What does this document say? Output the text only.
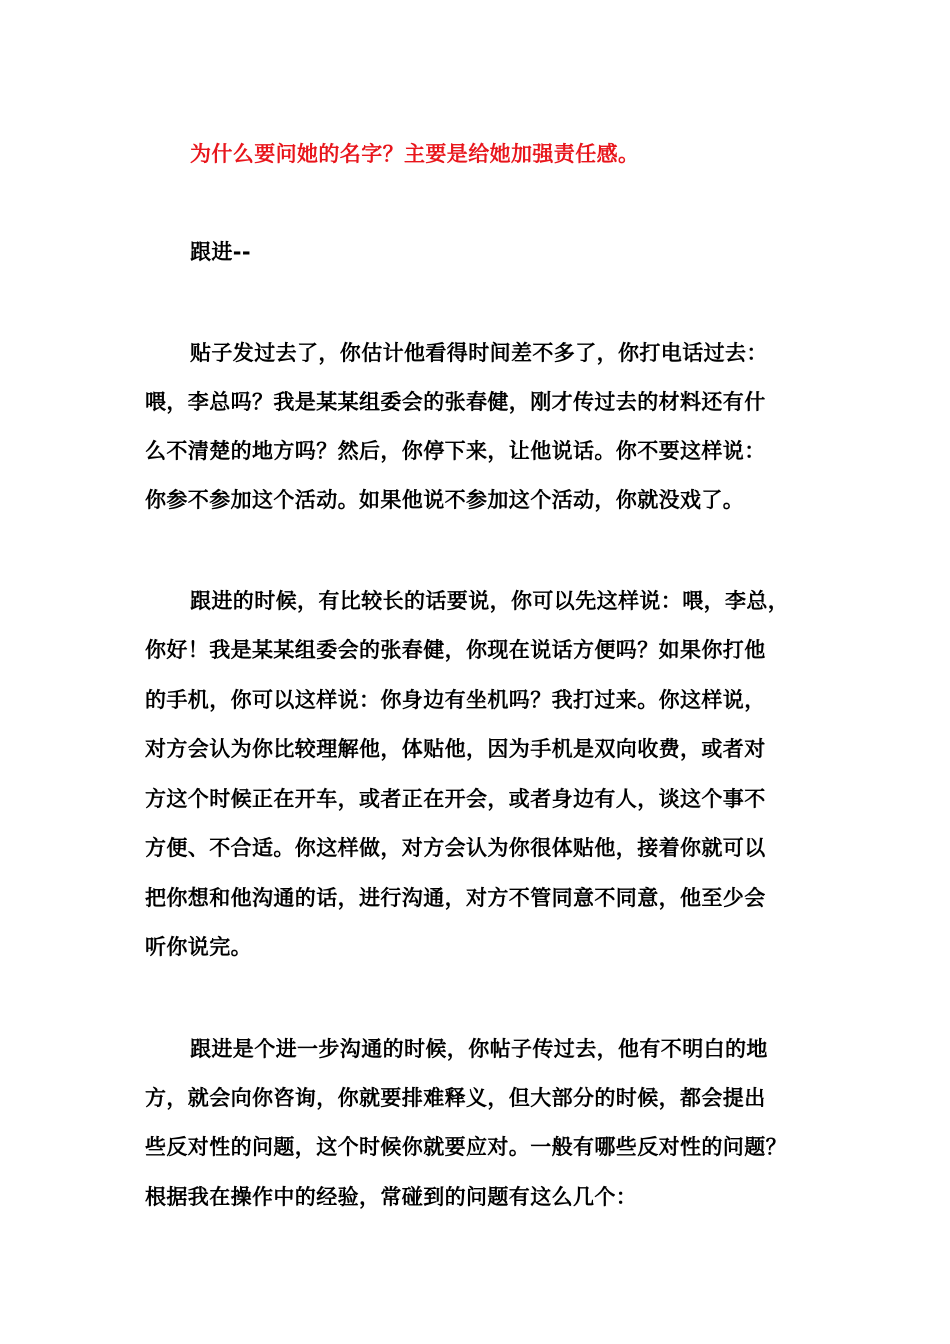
为什么要问她的名字？主要是给她加强责任感。

跟进--

贴子发过去了，你估计他看得时间差不多了，你打电话过去：

喂，李总吗？我是某某组委会的张春健，刚才传过去的材料还有什

么不清楚的地方吗？然后，你停下来，让他说话。你不要这样说：

你参不参加这个活动。如果他说不参加这个活动，你就没戏了。

跟进的时候，有比较长的话要说，你可以先这样说：喂，李总，

你好！我是某某组委会的张春健，你现在说话方便吗？如果你打他

的手机，你可以这样说：你身边有坐机吗？我打过来。你这样说，

对方会认为你比较理解他，体贴他，因为手机是双向收费，或者对

方这个时候正在开车，或者正在开会，或者身边有人，谈这个事不

方便、不合适。你这样做，对方会认为你很体贴他，接着你就可以

把你想和他沟通的话，进行沟通，对方不管同意不同意，他至少会

听你说完。

跟进是个进一步沟通的时候，你帖子传过去，他有不明白的地

方，就会向你咨询，你就要排难释义，但大部分的时候，都会提出

些反对性的问题，这个时候你就要应对。一般有哪些反对性的问题？

根据我在操作中的经验，常碰到的问题有这么几个：
